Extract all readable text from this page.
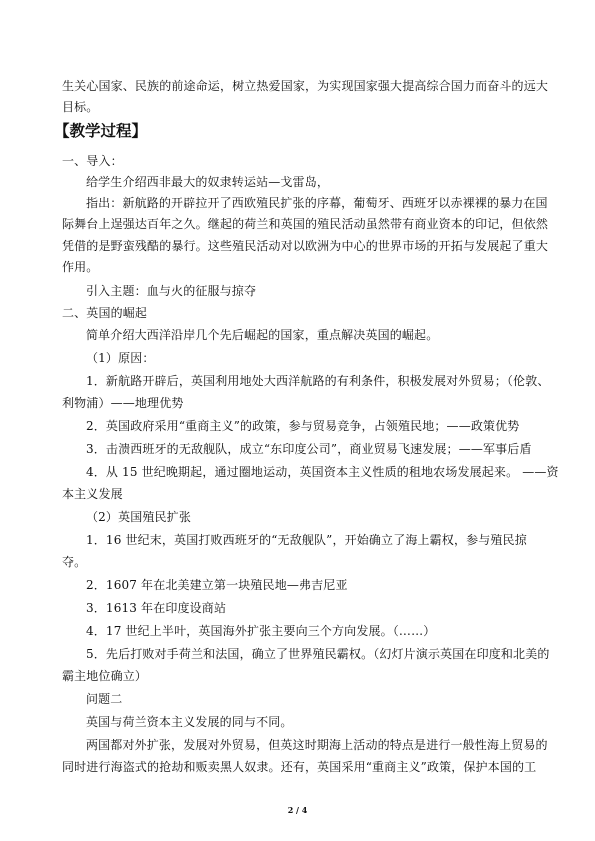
生关心国家、民族的前途命运，树立热爱国家，为实现国家强大提高综合国力而奋斗的远大
目标。
【教学过程】
一、导入：
给学生介绍西非最大的奴隶转运站—戈雷岛，
指出：新航路的开辟拉开了西欧殖民扩张的序幕，葡萄牙、西班牙以赤裸裸的暴力在国
际舞台上逞强达百年之久。继起的荷兰和英国的殖民活动虽然带有商业资本的印记，但依然
凭借的是野蛮残酷的暴行。这些殖民活动对以欧洲为中心的世界市场的开拓与发展起了重大
作用。
引入主题：血与火的征服与掠夺
二、英国的崛起
简单介绍大西洋沿岸几个先后崛起的国家，重点解决英国的崛起。
（1）原因：
1．新航路开辟后，英国利用地处大西洋航路的有利条件，积极发展对外贸易；（伦敦、
利物浦）——地理优势
2．英国政府采用“重商主义”的政策，参与贸易竞争，占领殖民地；——政策优势
3．击溃西班牙的无敌舰队，成立“东印度公司”，商业贸易飞速发展；——军事后盾
4．从 15 世纪晚期起，通过圈地运动，英国资本主义性质的租地农场发展起来。 ——资
本主义发展
（2）英国殖民扩张
1．16 世纪末，英国打败西班牙的“无敌舰队”，开始确立了海上霸权，参与殖民掠
夺。
2．1607 年在北美建立第一块殖民地—弗吉尼亚
3．1613 年在印度设商站
4．17 世纪上半叶，英国海外扩张主要向三个方向发展。（……）
5．先后打败对手荷兰和法国，确立了世界殖民霸权。（幻灯片演示英国在印度和北美的
霸主地位确立）
问题二
英国与荷兰资本主义发展的同与不同。
两国都对外扩张，发展对外贸易，但英这时期海上活动的特点是进行一般性海上贸易的
同时进行海盗式的抢劫和贩卖黑人奴隶。还有，英国采用“重商主义”政策，保护本国的工
2 / 4
